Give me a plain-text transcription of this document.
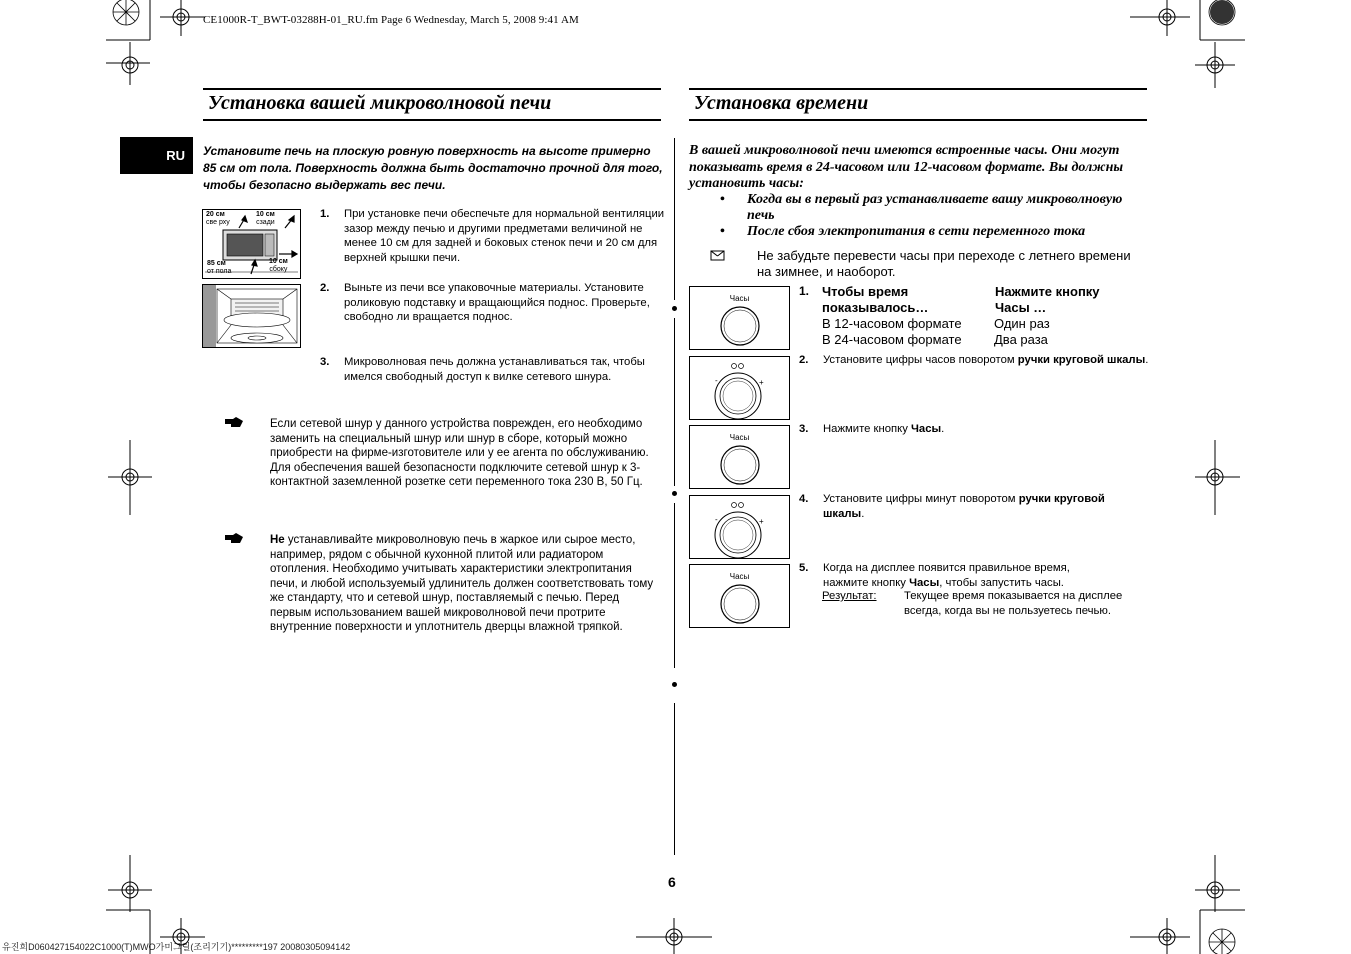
CE1000R-T_BWT-03288H-01_RU.fm Page 6 Wednesday, March 5, 2008 9:41 AM
유진희D060427154022C1000(T)MWO가미그릴(조리기기)*********197 20080305094142
Установка вашей микроволновой печи	Установка времени
RU	Установите печь на плоскую ровную поверхность на высоте примерно 85 см от пола. Поверхность должна быть достаточно прочной для того, чтобы безопасно выдержать вес печи.
20 см
све рху
10 см
сзади
85 см
от пола
10 см
сбоку
1. При установке печи обеспечьте для нормальной вентиляции зазор между печью и другими предметами величиной не менее 10 см для задней и боковых стенок печи и 20 см для верхней крышки печи.
2. Выньте из печи все упаковочные материалы. Установите роликовую подставку и вращающийся поднос. Проверьте, свободно ли вращается поднос.
3. Микроволновая печь должна устанавливаться так, чтобы имелся свободный доступ к вилке сетевого шнура.
Если сетевой шнур у данного устройства поврежден, его необходимо заменить на специальный шнур или шнур в сборе, который можно приобрести на фирме-изготовителе или у ее агента по обслуживанию.
Для обеспечения вашей безопасности подключите сетевой шнур к 3-контактной заземленной розетке сети переменного тока 230 В, 50 Гц.
Не устанавливайте микроволновую печь в жаркое или сырое место, например, рядом с обычной кухонной плитой или радиатором отопления. Необходимо учитывать характеристики электропитания печи, и любой используемый удлинитель должен соответствовать тому же стандарту, что и сетевой шнур, поставляемый с печью. Перед первым использованием вашей микроволновой печи протрите внутренние поверхности и уплотнитель дверцы влажной тряпкой.
В вашей микроволновой печи имеются встроенные часы. Они могут показывать время в 24-часовом или 12-часовом формате. Вы должны установить часы:
•	Когда вы в первый раз устанавливаете вашу микроволновую печь
•	После сбоя электропитания в сети переменного тока
Не забудьте перевести часы при переходе с летнего времени на зимнее, и наоборот.
Часы
-	+
Часы
-	+
Часы
1. Чтобы время показывалось…
Нажмите кнопку Часы …
В 12-часовом формате Один раз
В 24-часовом формате Два раза
2. Установите цифры часов поворотом ручки круговой шкалы.
3. Нажмите кнопку Часы.
4. Установите цифры минут поворотом ручки круговой шкалы.
5. Когда на дисплее появится правильное время, нажмите кнопку Часы, чтобы запустить часы.
Результат: Текущее время показывается на дисплее всегда, когда вы не пользуетесь печью.
6
